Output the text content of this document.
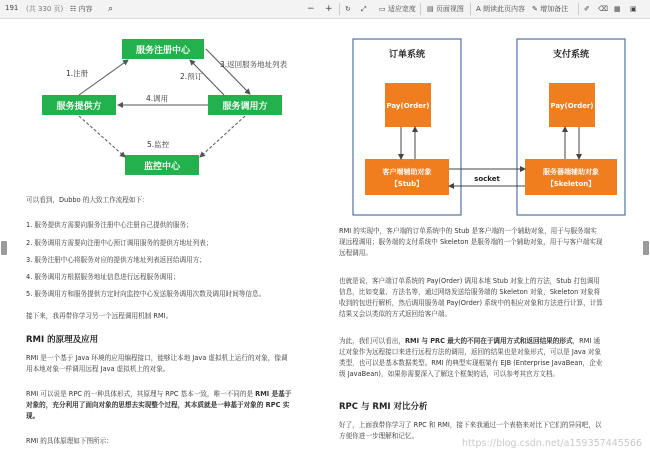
191 (共 330 页) ☷ 内容 ⌕	− + ↻ ⤢ ▭ 适应宽度 ▤ 页面视图 A 朗读此页内容 ✎ 增加备注 ✐ ⌫ ▦ ▣
服务注册中心
服务提供方	服务调用方
监控中心
1.注册	2.预订
3.返回服务地址列表
4.调用
5.监控
可以看到，Dubbo 的大致工作流程如下：
1. 服务提供方需要向服务注册中心注册自己提供的服务；
2. 服务调用方需要向注册中心预订调用服务的提供方地址列表；
3. 服务注册中心将服务对应的提供方地址列表返回给调用方；
4. 服务调用方根据服务地址信息进行远程服务调用；
5. 服务调用方和服务提供方定时向监控中心发送服务调用次数及调用时间等信息。
接下来，我再带你学习另一个远程调用机制 RMI。
RMI 的原理及应用
RMI 是一个基于 Java 环境的应用编程接口，能够让本地 Java 虚拟机上运行的对象，像调
用本地对象一样调用远程 Java 虚拟机上的对象。
RMI 可以说是 RPC 的一种具体形式，其原理与 RPC 基本一致，唯一不同的是 RMI 是基于
对象的，充分利用了面向对象的思想去实现整个过程，其本质就是一种基于对象的 RPC 实
现。
RMI 的具体原理如下图所示：
订单系统	支付系统
Pay(Order)	Pay(Order)
客户端辅助对象
【Stub】
服务器端辅助对象
【Skeleton】
socket
RMI 的实现中，客户端的订单系统中的 Stub 是客户端的一个辅助对象，用于与服务端实
现远程调用；服务端的支付系统中 Skeleton 是服务端的一个辅助对象，用于与客户端实现
远程调用。
也就是说，客户端订单系统的 Pay(Order) 调用本地 Stub 对象上的方法，Stub 打包调用
信息，比如变量、方法名等，通过网络发送给服务端的 Skeleton 对象，Skeleton 对象将
收到的包进行解析，然后调用服务端 Pay(Order) 系统中的相应对象和方法进行计算，计算
结果又会以类似的方式返回给客户端。
为此，我们可以看出，RMI 与 PRC 最大的不同在于调用方式和返回结果的形式，RMI 通
过对象作为远程接口来进行远程方法的调用，返回的结果也是对象形式，可以是 Java 对象
类型，也可以是基本数据类型。RMI 的典型实现框架有 EJB (Enterprise JavaBean，企业
级 JavaBean)，如果你需要深入了解这个框架的话，可以参考其官方文档。
RPC 与 RMI 对比分析
好了，上面我带你学习了 RPC 和 RMI，接下来我通过一个表格来对比下它们的异同吧，以
方便你进一步理解和记忆。
https://blog.csdn.net/a159357445566
